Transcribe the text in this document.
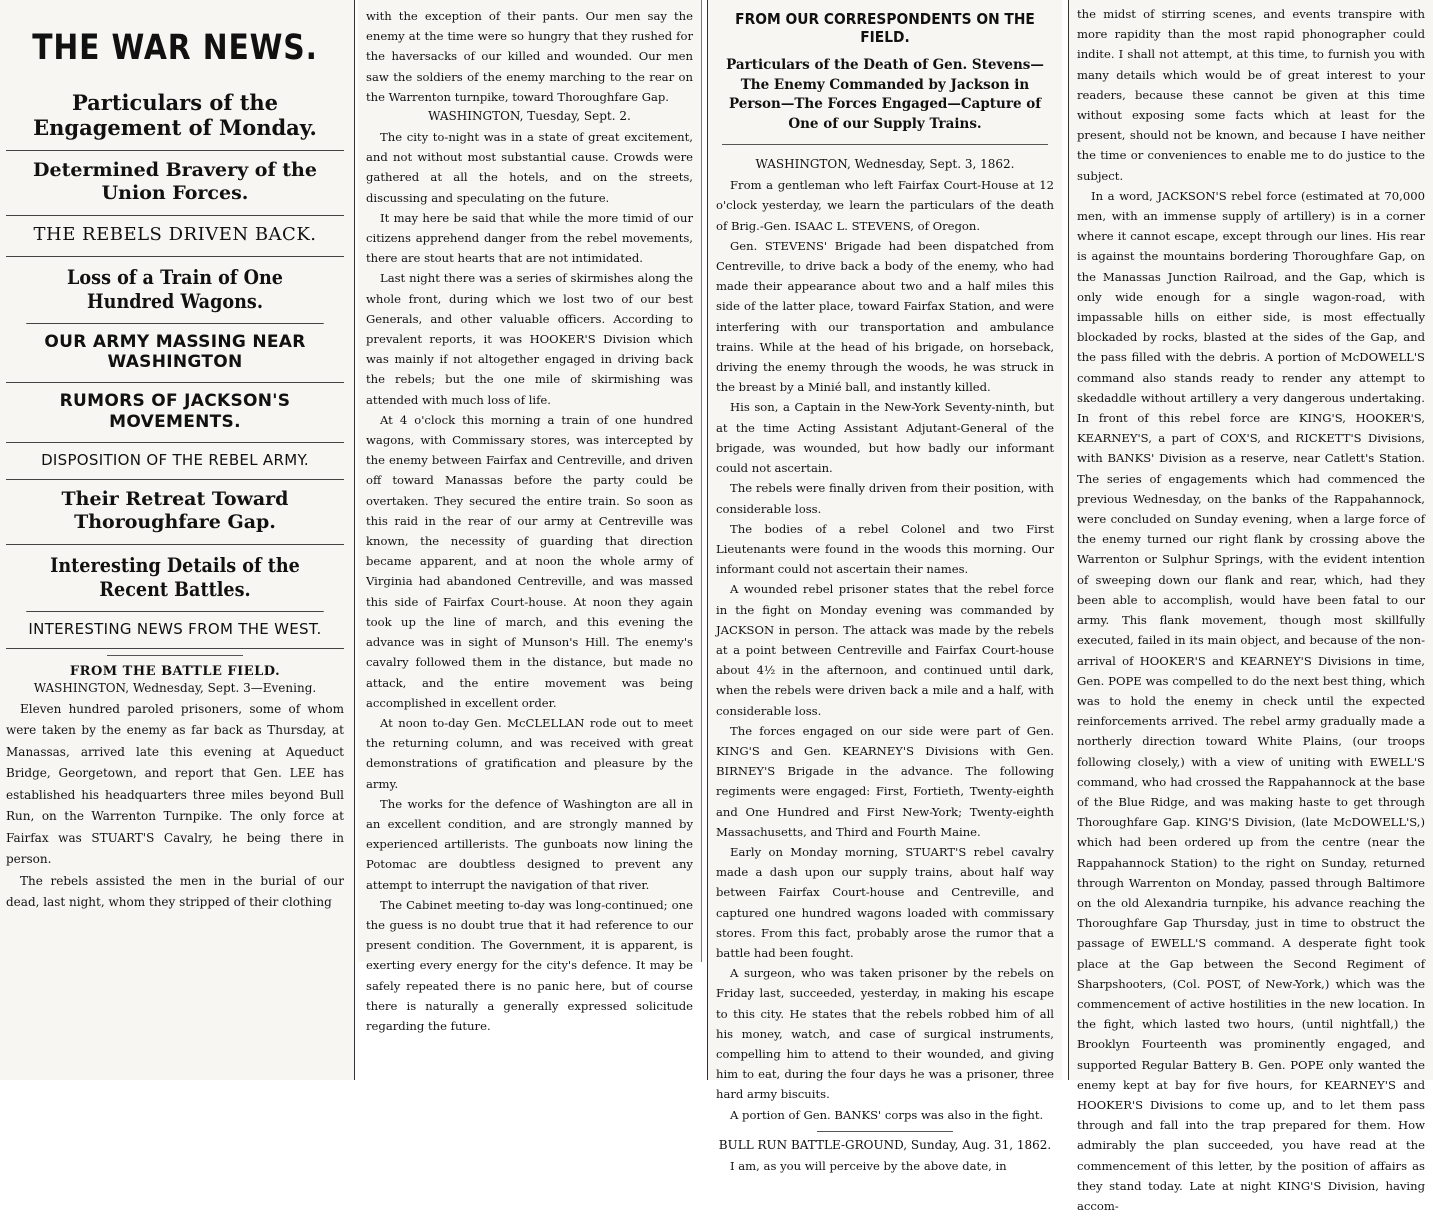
THE WAR NEWS.
Particulars of the Engagement of Monday.
Determined Bravery of the Union Forces.
THE REBELS DRIVEN BACK.
Loss of a Train of One Hundred Wagons.
OUR ARMY MASSING NEAR WASHINGTON
RUMORS OF JACKSON'S MOVEMENTS.
DISPOSITION OF THE REBEL ARMY.
Their Retreat Toward Thoroughfare Gap.
Interesting Details of the Recent Battles.
INTERESTING NEWS FROM THE WEST.
FROM THE BATTLE FIELD.
WASHINGTON, Wednesday, Sept. 3—Evening.

Eleven hundred paroled prisoners, some of whom were taken by the enemy as far back as Thursday, at Manassas, arrived late this evening at Aqueduct Bridge, Georgetown, and report that Gen. LEE has established his headquarters three miles beyond Bull Run, on the Warrenton Turnpike. The only force at Fairfax was STUART'S Cavalry, he being there in person.

The rebels assisted the men in the burial of our dead, last night, whom they stripped of their clothing

with the exception of their pants. Our men say the enemy at the time were so hungry that they rushed for the haversacks of our killed and wounded. Our men saw the soldiers of the enemy marching to the rear on the Warrenton turnpike, toward Thoroughfare Gap.

WASHINGTON, Tuesday, Sept. 2.

The city to-night was in a state of great excitement, and not without most substantial cause. Crowds were gathered at all the hotels, and on the streets, discussing and speculating on the future.

It may here be said that while the more timid of our citizens apprehend danger from the rebel movements, there are stout hearts that are not intimidated.

Last night there was a series of skirmishes along the whole front, during which we lost two of our best Generals, and other valuable officers. According to prevalent reports, it was HOOKER'S Division which was mainly if not altogether engaged in driving back the rebels; but the one mile of skirmishing was attended with much loss of life.

At 4 o'clock this morning a train of one hundred wagons, with Commissary stores, was intercepted by the enemy between Fairfax and Centreville, and driven off toward Manassas before the party could be overtaken. They secured the entire train. So soon as this raid in the rear of our army at Centreville was known, the necessity of guarding that direction became apparent, and at noon the whole army of Virginia had abandoned Centreville, and was massed this side of Fairfax Court-house. At noon they again took up the line of march, and this evening the advance was in sight of Munson's Hill. The enemy's cavalry followed them in the distance, but made no attack, and the entire movement was being accomplished in excellent order.

At noon to-day Gen. McCLELLAN rode out to meet the returning column, and was received with great demonstrations of gratification and pleasure by the army.

The works for the defence of Washington are all in an excellent condition, and are strongly manned by experienced artillerists. The gunboats now lining the Potomac are doubtless designed to prevent any attempt to interrupt the navigation of that river.

The Cabinet meeting to-day was long-continued; one the guess is no doubt true that it had reference to our present condition. The Government, it is apparent, is exerting every energy for the city's defence. It may be safely repeated there is no panic here, but of course there is naturally a generally expressed solicitude regarding the future.

FROM OUR CORRESPONDENTS ON THE FIELD.
Particulars of the Death of Gen. Stevens—The Enemy Commanded by Jackson in Person—The Forces Engaged—Capture of One of our Supply Trains.
WASHINGTON, Wednesday, Sept. 3, 1862.

From a gentleman who left Fairfax Court-House at 12 o'clock yesterday, we learn the particulars of the death of Brig.-Gen. ISAAC L. STEVENS, of Oregon.

Gen. STEVENS' Brigade had been dispatched from Centreville, to drive back a body of the enemy, who had made their appearance about two and a half miles this side of the latter place, toward Fairfax Station, and were interfering with our transportation and ambulance trains. While at the head of his brigade, on horseback, driving the enemy through the woods, he was struck in the breast by a Minié ball, and instantly killed.

His son, a Captain in the New-York Seventy-ninth, but at the time Acting Assistant Adjutant-General of the brigade, was wounded, but how badly our informant could not ascertain.

The rebels were finally driven from their position, with considerable loss.

The bodies of a rebel Colonel and two First Lieutenants were found in the woods this morning. Our informant could not ascertain their names.

A wounded rebel prisoner states that the rebel force in the fight on Monday evening was commanded by JACKSON in person. The attack was made by the rebels at a point between Centreville and Fairfax Court-house about 4½ in the afternoon, and continued until dark, when the rebels were driven back a mile and a half, with considerable loss.

The forces engaged on our side were part of Gen. KING'S and Gen. KEARNEY'S Divisions with Gen. BIRNEY'S Brigade in the advance. The following regiments were engaged: First, Fortieth, Twenty-eighth and One Hundred and First New-York; Twenty-eighth Massachusetts, and Third and Fourth Maine.

Early on Monday morning, STUART'S rebel cavalry made a dash upon our supply trains, about half way between Fairfax Court-house and Centreville, and captured one hundred wagons loaded with commissary stores. From this fact, probably arose the rumor that a battle had been fought.

A surgeon, who was taken prisoner by the rebels on Friday last, succeeded, yesterday, in making his escape to this city. He states that the rebels robbed him of all his money, watch, and case of surgical instruments, compelling him to attend to their wounded, and giving him to eat, during the four days he was a prisoner, three hard army biscuits.

A portion of Gen. BANKS' corps was also in the fight.

BULL RUN BATTLE-GROUND, Sunday, Aug. 31, 1862.

I am, as you will perceive by the above date, in

the midst of stirring scenes, and events transpire with more rapidity than the most rapid phonographer could indite. I shall not attempt, at this time, to furnish you with many details which would be of great interest to your readers, because these cannot be given at this time without exposing some facts which at least for the present, should not be known, and because I have neither the time or conveniences to enable me to do justice to the subject.

In a word, JACKSON'S rebel force (estimated at 70,000 men, with an immense supply of artillery) is in a corner where it cannot escape, except through our lines. His rear is against the mountains bordering Thoroughfare Gap, on the Manassas Junction Railroad, and the Gap, which is only wide enough for a single wagon-road, with impassable hills on either side, is most effectually blockaded by rocks, blasted at the sides of the Gap, and the pass filled with the debris. A portion of McDOWELL'S command also stands ready to render any attempt to skedaddle without artillery a very dangerous undertaking. In front of this rebel force are KING'S, HOOKER'S, KEARNEY'S, a part of COX'S, and RICKETT'S Divisions, with BANKS' Division as a reserve, near Catlett's Station. The series of engagements which had commenced the previous Wednesday, on the banks of the Rappahannock, were concluded on Sunday evening, when a large force of the enemy turned our right flank by crossing above the Warrenton or Sulphur Springs, with the evident intention of sweeping down our flank and rear, which, had they been able to accomplish, would have been fatal to our army. This flank movement, though most skillfully executed, failed in its main object, and because of the non-arrival of HOOKER'S and KEARNEY'S Divisions in time, Gen. POPE was compelled to do the next best thing, which was to hold the enemy in check until the expected reinforcements arrived. The rebel army gradually made a northerly direction toward White Plains, (our troops following closely,) with a view of uniting with EWELL'S command, who had crossed the Rappahannock at the base of the Blue Ridge, and was making haste to get through Thoroughfare Gap. KING'S Division, (late McDOWELL'S,) which had been ordered up from the centre (near the Rappahannock Station) to the right on Sunday, returned through Warrenton on Monday, passed through Baltimore on the old Alexandria turnpike, his advance reaching the Thoroughfare Gap Thursday, just in time to obstruct the passage of EWELL'S command. A desperate fight took place at the Gap between the Second Regiment of Sharpshooters, (Col. POST, of New-York,) which was the commencement of active hostilities in the new location. In the fight, which lasted two hours, (until nightfall,) the Brooklyn Fourteenth was prominently engaged, and supported Regular Battery B. Gen. POPE only wanted the enemy kept at bay for five hours, for KEARNEY'S and HOOKER'S Divisions to come up, and to let them pass through and fall into the trap prepared for them. How admirably the plan succeeded, you have read at the commencement of this letter, by the position of affairs as they stand today. Late at night KING'S Division, having accom-
